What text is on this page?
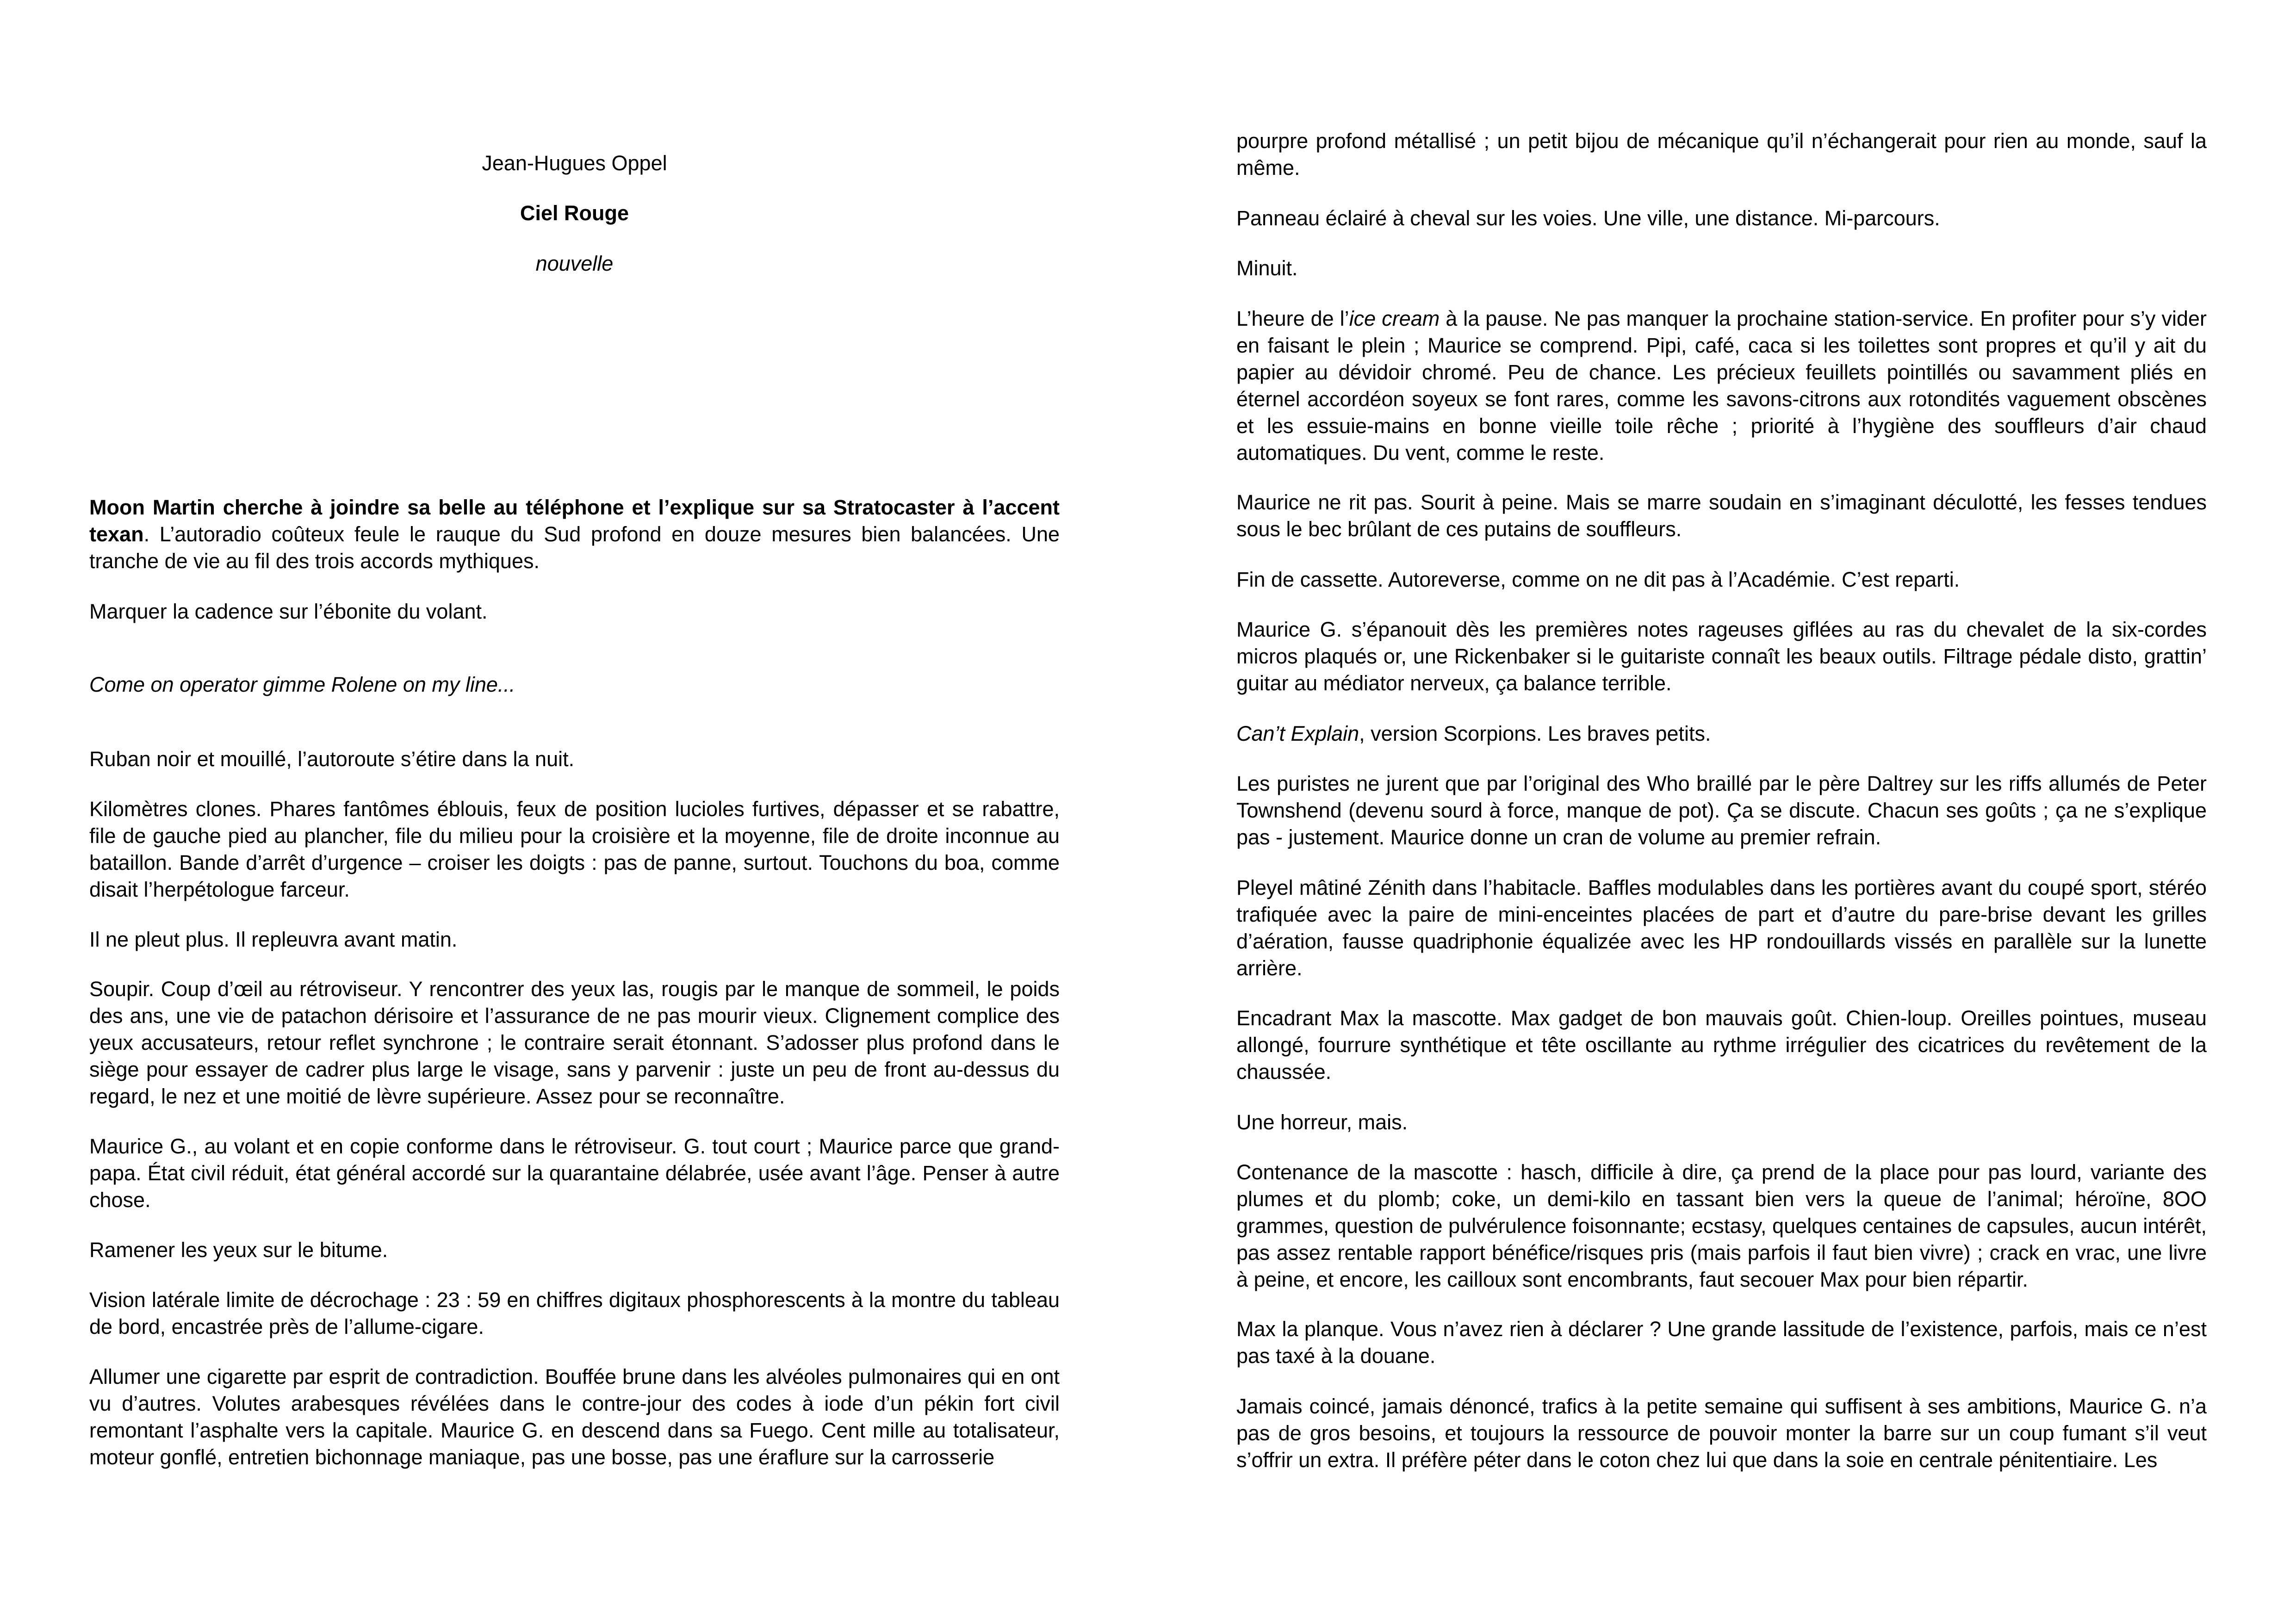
Jean-Hugues Oppel

Ciel Rouge

nouvelle

Moon Martin cherche à joindre sa belle au téléphone et l’explique sur sa Stratocaster à l’accent texan. L’autoradio coûteux feule le rauque du Sud profond en douze mesures bien balancées. Une tranche de vie au fil des trois accords mythiques.

Marquer la cadence sur l’ébonite du volant.

Come on operator gimme Rolene on my line...

Ruban noir et mouillé, l’autoroute s’étire dans la nuit.

Kilomètres clones. Phares fantômes éblouis, feux de position lucioles furtives, dépasser et se rabattre, file de gauche pied au plancher, file du milieu pour la croisière et la moyenne, file de droite inconnue au bataillon. Bande d’arrêt d’urgence – croiser les doigts : pas de panne, surtout. Touchons du boa, comme disait l’herpétologue farceur.

Il ne pleut plus. Il repleuvra avant matin.

Soupir. Coup d’œil au rétroviseur. Y rencontrer des yeux las, rougis par le manque de sommeil, le poids des ans, une vie de patachon dérisoire et l’assurance de ne pas mourir vieux. Clignement complice des yeux accusateurs, retour reflet synchrone ; le contraire serait étonnant. S’adosser plus profond dans le siège pour essayer de cadrer plus large le visage, sans y parvenir : juste un peu de front au-dessus du regard, le nez et une moitié de lèvre supérieure. Assez pour se reconnaître.

Maurice G., au volant et en copie conforme dans le rétroviseur. G. tout court ; Maurice parce que grand-papa. État civil réduit, état général accordé sur la quarantaine délabrée, usée avant l’âge. Penser à autre chose.

Ramener les yeux sur le bitume.

Vision latérale limite de décrochage : 23 : 59 en chiffres digitaux phosphorescents à la montre du tableau de bord, encastrée près de l’allume-cigare.

Allumer une cigarette par esprit de contradiction. Bouffée brune dans les alvéoles pulmonaires qui en ont vu d’autres. Volutes arabesques révélées dans le contre-jour des codes à iode d’un pékin fort civil remontant l’asphalte vers la capitale. Maurice G. en descend dans sa Fuego. Cent mille au totalisateur, moteur gonflé, entretien bichonnage maniaque, pas une bosse, pas une éraflure sur la carrosserie

pourpre profond métallisé ; un petit bijou de mécanique qu’il n’échangerait pour rien au monde, sauf la même.

Panneau éclairé à cheval sur les voies. Une ville, une distance. Mi-parcours.

Minuit.

L’heure de l’ice cream à la pause. Ne pas manquer la prochaine station-service. En profiter pour s’y vider en faisant le plein ; Maurice se comprend. Pipi, café, caca si les toilettes sont propres et qu’il y ait du papier au dévidoir chromé. Peu de chance. Les précieux feuillets pointillés ou savamment pliés en éternel accordéon soyeux se font rares, comme les savons-citrons aux rotondités vaguement obscènes et les essuie-mains en bonne vieille toile rêche ; priorité à l’hygiène des souffleurs d’air chaud automatiques. Du vent, comme le reste.

Maurice ne rit pas. Sourit à peine. Mais se marre soudain en s’imaginant déculotté, les fesses tendues sous le bec brûlant de ces putains de souffleurs.

Fin de cassette. Autoreverse, comme on ne dit pas à l’Académie. C’est reparti.

Maurice G. s’épanouit dès les premières notes rageuses giflées au ras du chevalet de la six-cordes micros plaqués or, une Rickenbaker si le guitariste connaît les beaux outils. Filtrage pédale disto, grattin’ guitar au médiator nerveux, ça balance terrible.

Can’t Explain, version Scorpions. Les braves petits.

Les puristes ne jurent que par l’original des Who braillé par le père Daltrey sur les riffs allumés de Peter Townshend (devenu sourd à force, manque de pot). Ça se discute. Chacun ses goûts ; ça ne s’explique pas - justement. Maurice donne un cran de volume au premier refrain.

Pleyel mâtiné Zénith dans l’habitacle. Baffles modulables dans les portières avant du coupé sport, stéréo trafiquée avec la paire de mini-enceintes placées de part et d’autre du pare-brise devant les grilles d’aération, fausse quadriphonie équalizée avec les HP rondouillards vissés en parallèle sur la lunette arrière.

Encadrant Max la mascotte. Max gadget de bon mauvais goût. Chien-loup. Oreilles pointues, museau allongé, fourrure synthétique et tête oscillante au rythme irrégulier des cicatrices du revêtement de la chaussée.

Une horreur, mais.

Contenance de la mascotte : hasch, difficile à dire, ça prend de la place pour pas lourd, variante des plumes et du plomb; coke, un demi-kilo en tassant bien vers la queue de l’animal; héroïne, 8OO grammes, question de pulvérulence foisonnante; ecstasy, quelques centaines de capsules, aucun intérêt, pas assez rentable rapport bénéfice/risques pris (mais parfois il faut bien vivre) ; crack en vrac, une livre à peine, et encore, les cailloux sont encombrants, faut secouer Max pour bien répartir.

Max la planque. Vous n’avez rien à déclarer ? Une grande lassitude de l’existence, parfois, mais ce n’est pas taxé à la douane.

Jamais coincé, jamais dénoncé, trafics à la petite semaine qui suffisent à ses ambitions, Maurice G. n’a pas de gros besoins, et toujours la ressource de pouvoir monter la barre sur un coup fumant s’il veut s’offrir un extra. Il préfère péter dans le coton chez lui que dans la soie en centrale pénitentiaire. Les
